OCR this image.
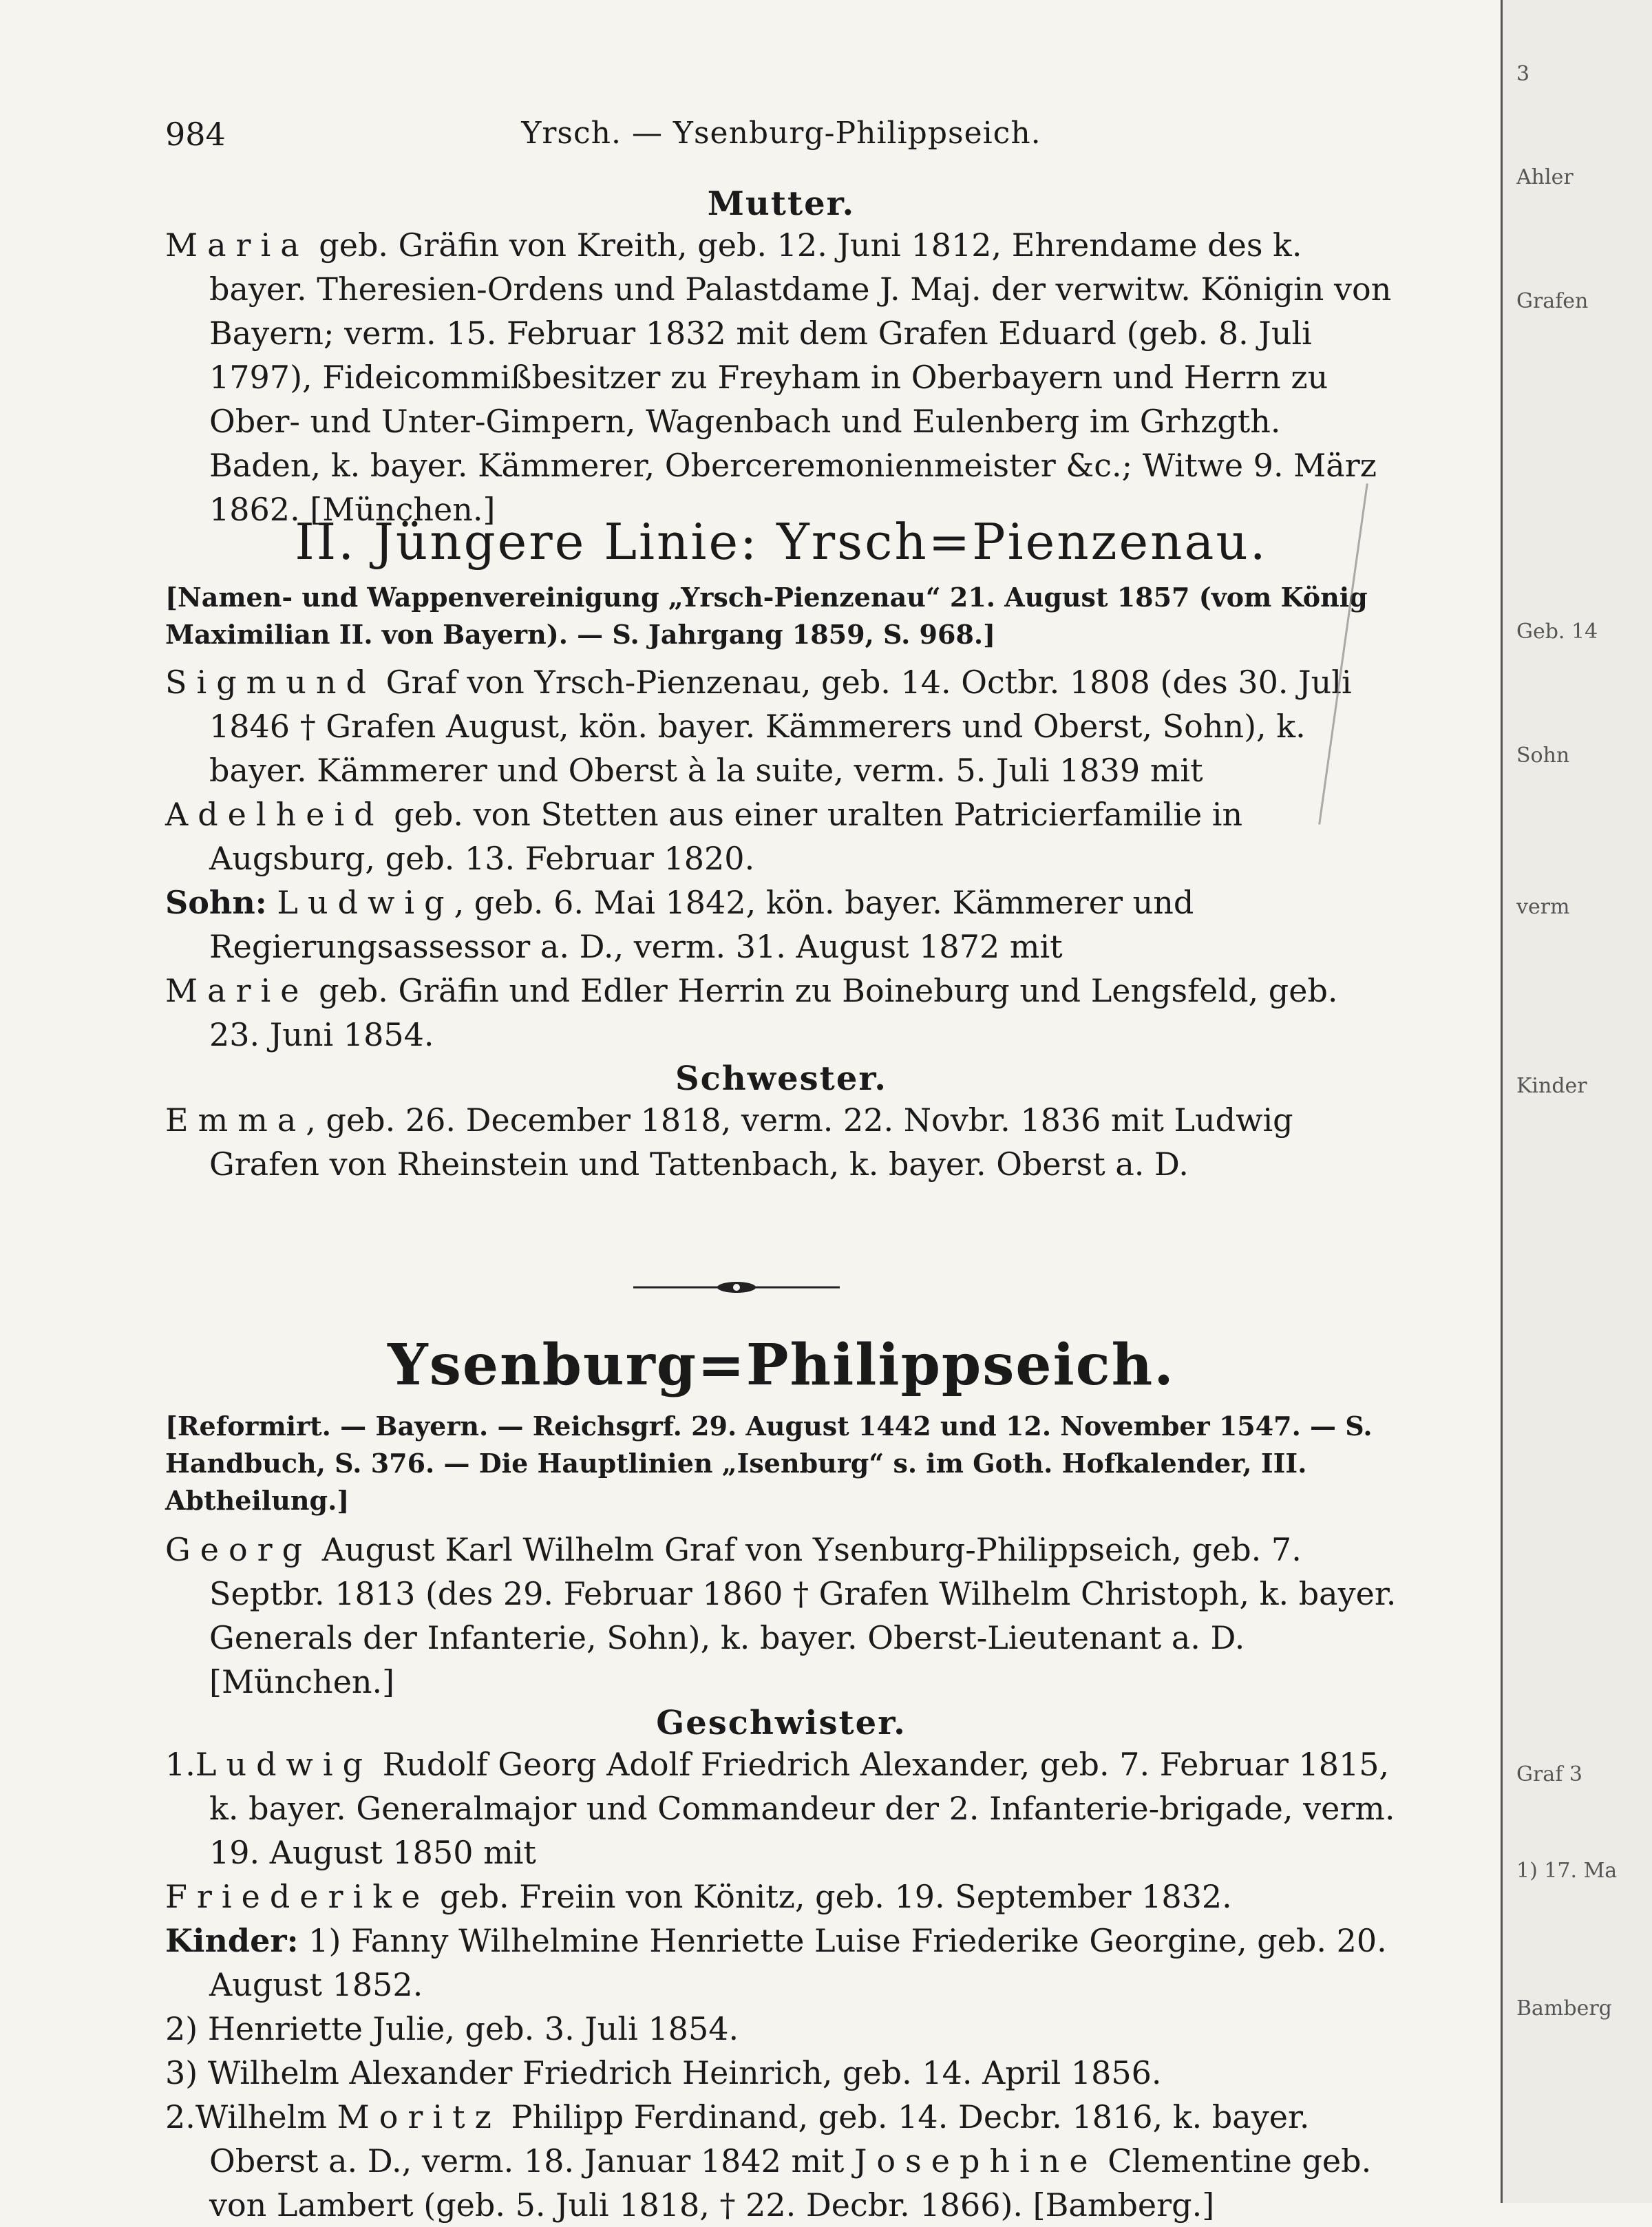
984	Yrsch. — Ysenburg-Philippseich.
Mutter.

Maria geb. Gräfin von Kreith, geb. 12. Juni 1812, Ehrendame des k. bayer. Theresien-Ordens und Palastdame J. Maj. der verwitw. Königin von Bayern; verm. 15. Februar 1832 mit dem Grafen Eduard (geb. 8. Juli 1797), Fideicommißbesitzer zu Freyham in Oberbayern und Herrn zu Ober- und Unter-Gimpern, Wagenbach und Eulenberg im Grhzgth. Baden, k. bayer. Kämmerer, Oberceremonienmeister &c.; Witwe 9. März 1862. [München.]

II. Jüngere Linie: Yrsch=Pienzenau.

[Namen- und Wappenvereinigung „Yrsch-Pienzenau“ 21. August 1857 (vom König Maximilian II. von Bayern). — S. Jahrgang 1859, S. 968.]

Sigmund Graf von Yrsch-Pienzenau, geb. 14. Octbr. 1808 (des 30. Juli 1846 † Grafen August, kön. bayer. Kämmerers und Oberst, Sohn), k. bayer. Kämmerer und Oberst à la suite, verm. 5. Juli 1839 mit

Adelheid geb. von Stetten aus einer uralten Patricierfamilie in Augsburg, geb. 13. Februar 1820.

Sohn: Ludwig, geb. 6. Mai 1842, kön. bayer. Kämmerer und Regierungsassessor a. D., verm. 31. August 1872 mit

Marie geb. Gräfin und Edler Herrin zu Boineburg und Lengsfeld, geb. 23. Juni 1854.

Schwester.

Emma, geb. 26. December 1818, verm. 22. Novbr. 1836 mit Ludwig Grafen von Rheinstein und Tattenbach, k. bayer. Oberst a. D.

Ysenburg=Philippseich.

[Reformirt. — Bayern. — Reichsgrf. 29. August 1442 und 12. November 1547. — S. Handbuch, S. 376. — Die Hauptlinien „Isenburg“ s. im Goth. Hofkalender, III. Abtheilung.]

Georg August Karl Wilhelm Graf von Ysenburg-Philippseich, geb. 7. Septbr. 1813 (des 29. Februar 1860 † Grafen Wilhelm Christoph, k. bayer. Generals der Infanterie, Sohn), k. bayer. Oberst-Lieutenant a. D. [München.]

Geschwister.

1.Ludwig Rudolf Georg Adolf Friedrich Alexander, geb. 7. Februar 1815, k. bayer. Generalmajor und Commandeur der 2. Infanterie-brigade, verm. 19. August 1850 mit

Friederike geb. Freiin von Könitz, geb. 19. September 1832.

Kinder: 1) Fanny Wilhelmine Henriette Luise Friederike Georgine, geb. 20. August 1852.

2) Henriette Julie, geb. 3. Juli 1854.

3) Wilhelm Alexander Friedrich Heinrich, geb. 14. April 1856.

2.Wilhelm Moritz Philipp Ferdinand, geb. 14. Decbr. 1816, k. bayer. Oberst a. D., verm. 18. Januar 1842 mit Josephine Clementine geb. von Lambert (geb. 5. Juli 1818, † 22. Decbr. 1866). [Bamberg.]

3
Ahler
Grafen
Geb. 14
Sohn
verm
Kinder
Graf 3
1) 17. Ma
Bamberg
